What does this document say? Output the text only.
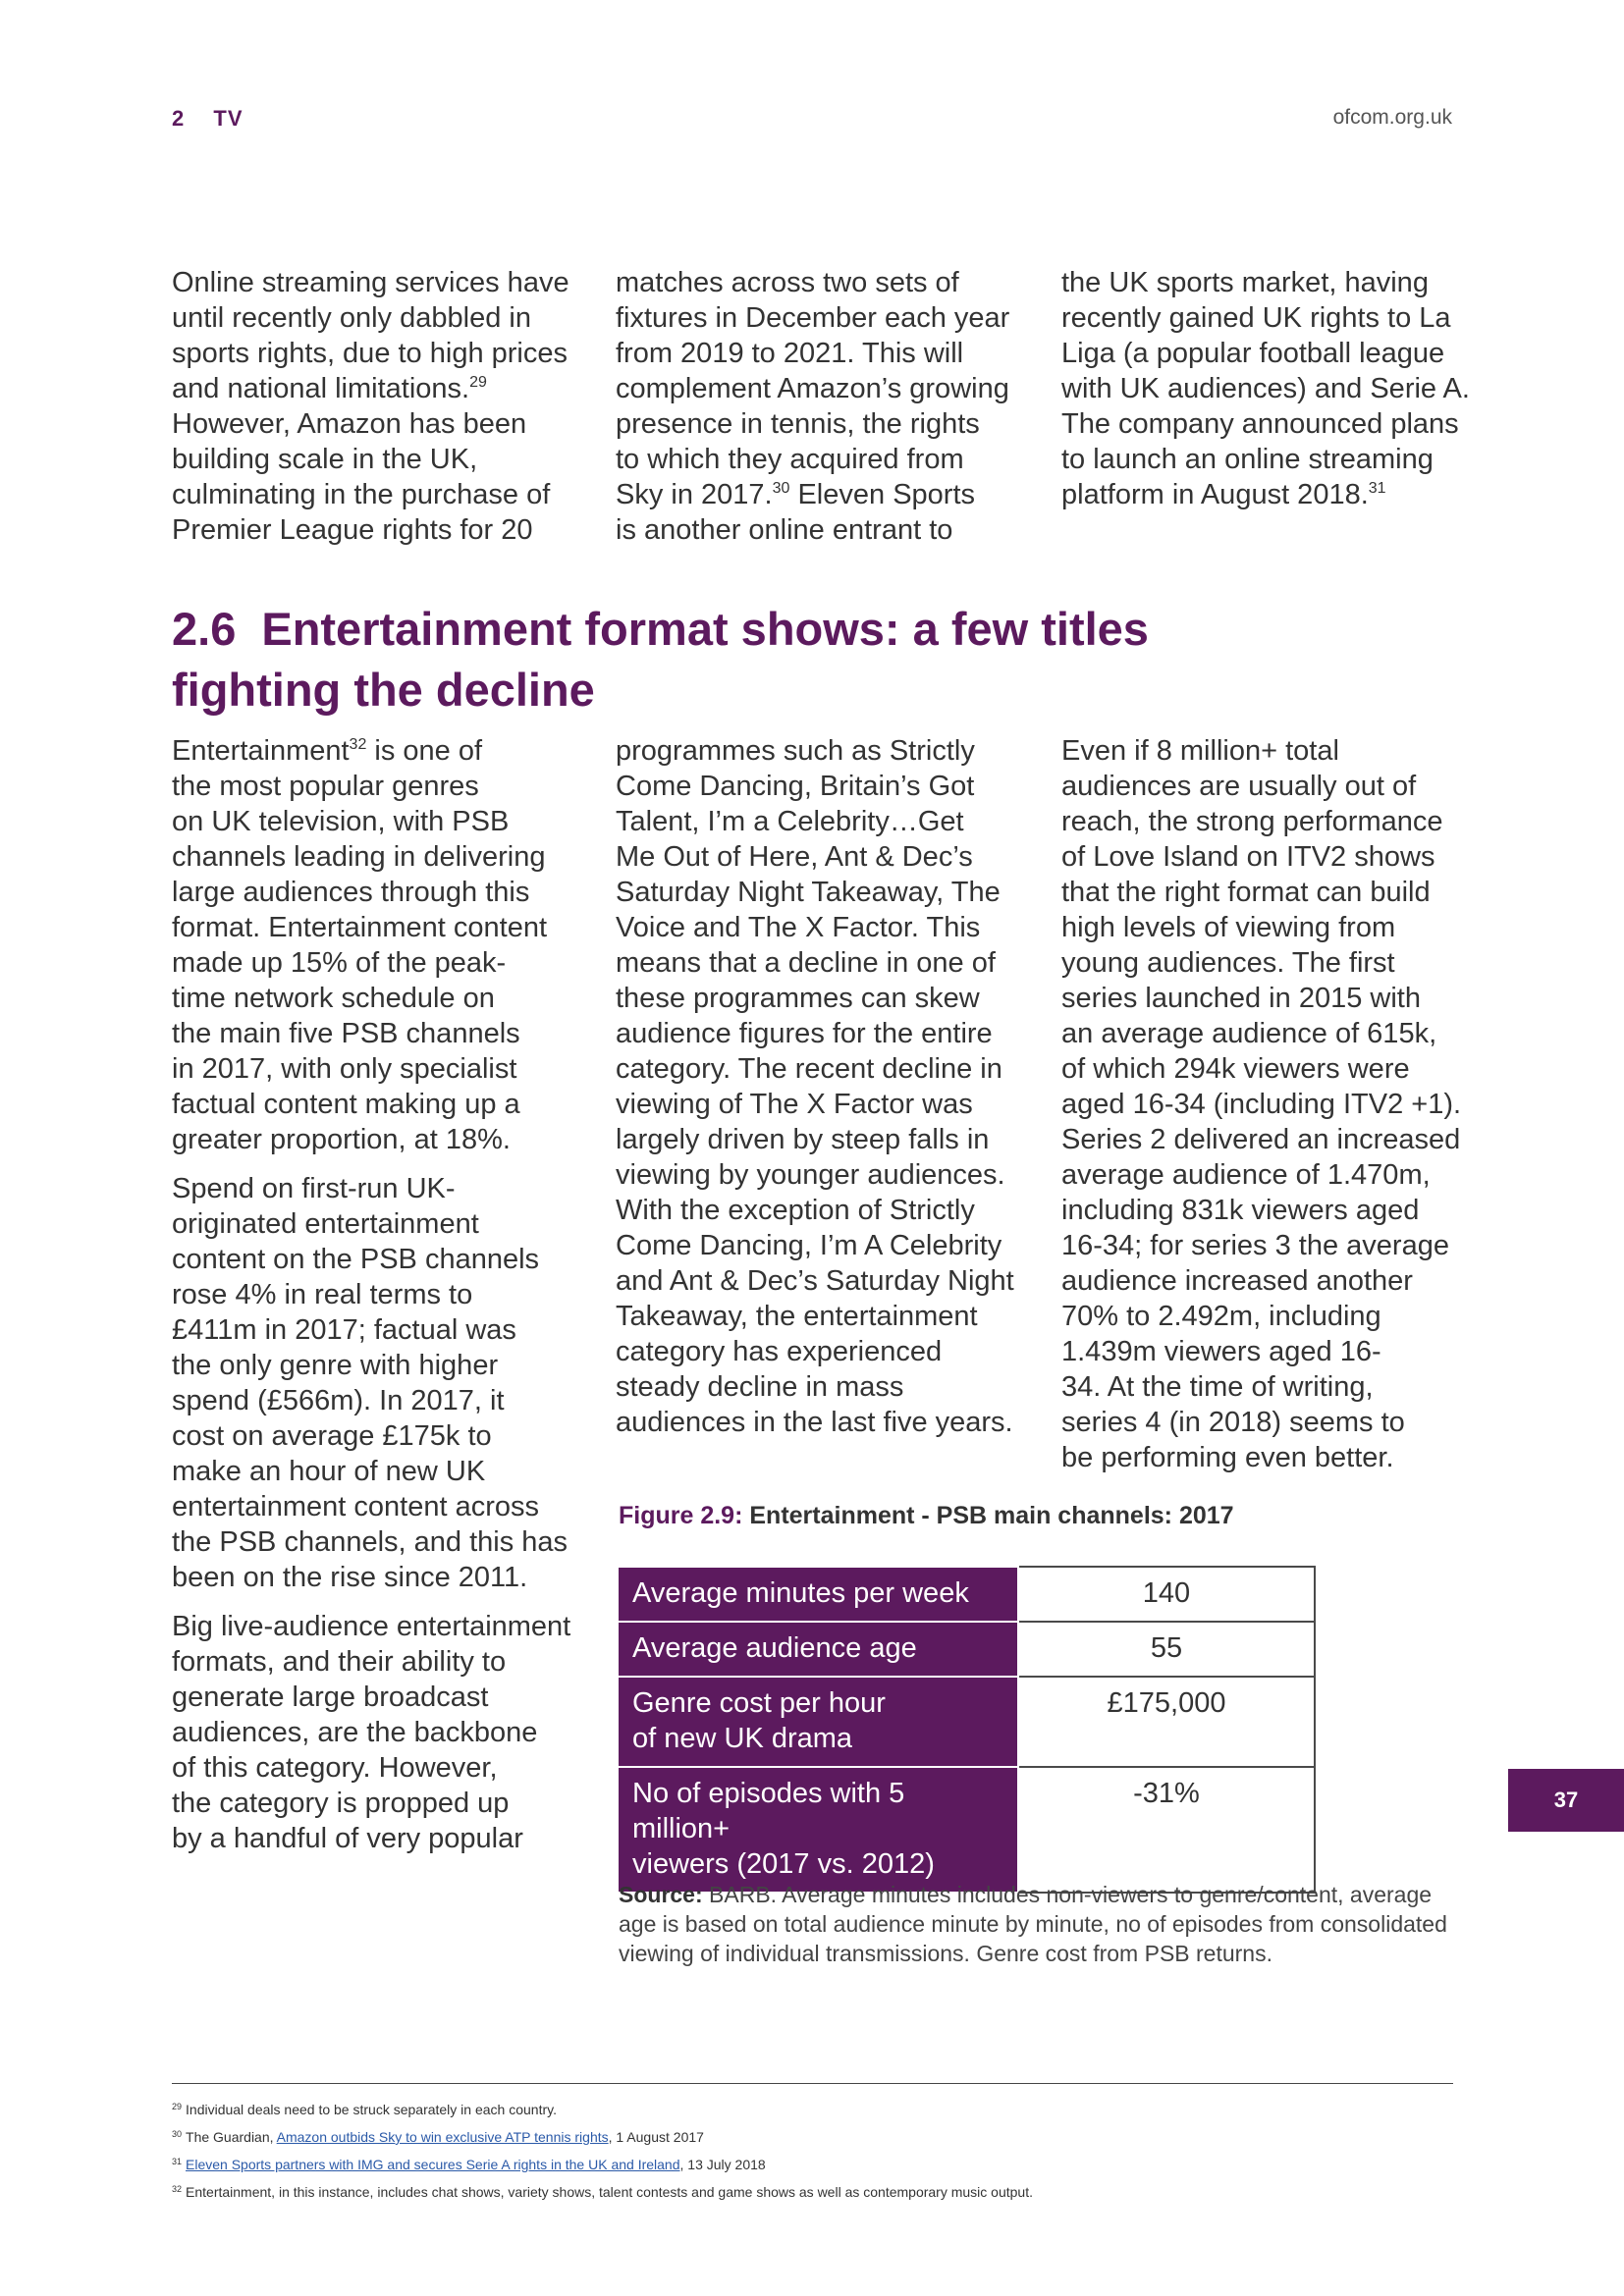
2 TV	ofcom.org.uk

Online streaming services have

until recently only dabbled in

sports rights, due to high prices

and national limitations.$^{29}$

However, Amazon has been

building scale in the UK,

culminating in the purchase of

Premier League rights for 20

matches across two sets of

fixtures in December each year

from 2019 to 2021. This will

complement Amazon’s growing

presence in tennis, the rights

to which they acquired from

Sky in 2017.30 Eleven Sports

is another online entrant to

the UK sports market, having

recently gained UK rights to La

Liga (a popular football league

with UK audiences) and Serie A.

The company announced plans

to launch an online streaming

platform in August 2018.31

2.6 Entertainment format shows: a few titles
fighting the decline

Entertainment$^{32}$ is one of

the most popular genres

on UK television, with PSB

channels leading in delivering

large audiences through this

format. Entertainment content

made up 15% of the peak-

time network schedule on

the main five PSB channels

in 2017, with only specialist

factual content making up a

greater proportion, at 18%.

Spend on first-run UK-

originated entertainment

content on the PSB channels

rose 4% in real terms to

£411m in 2017; factual was

the only genre with higher

spend (£566m). In 2017, it

cost on average £175k to

make an hour of new UK

entertainment content across

the PSB channels, and this has

been on the rise since 2011.

Big live-audience entertainment

formats, and their ability to

generate large broadcast

audiences, are the backbone

of this category. However,

the category is propped up

by a handful of very popular

programmes such as Strictly

Come Dancing, Britain’s Got

Talent, I’m a Celebrity…Get

Me Out of Here, Ant & Dec’s

Saturday Night Takeaway, The

Voice and The X Factor. This

means that a decline in one of

these programmes can skew

audience figures for the entire

category. The recent decline in

viewing of The X Factor was

largely driven by steep falls in

viewing by younger audiences.

With the exception of Strictly

Come Dancing, I’m A Celebrity

and Ant & Dec’s Saturday Night

Takeaway, the entertainment

category has experienced

steady decline in mass

audiences in the last five years.

Even if 8 million+ total

audiences are usually out of

reach, the strong performance

of Love Island on ITV2 shows

that the right format can build

high levels of viewing from

young audiences. The first

series launched in 2015 with

an average audience of 615k,

of which 294k viewers were

aged 16-34 (including ITV2 +1).

Series 2 delivered an increased

average audience of 1.470m,

including 831k viewers aged

16-34; for series 3 the average

audience increased another

70% to 2.492m, including

1.439m viewers aged 16-

34. At the time of writing,

series 4 (in 2018) seems to

be performing even better.

Figure 2.9: Entertainment - PSB main channels: 2017
Average minutes per week	140

Average audience age	55

Genre cost per hour
of new UK drama	£175,000

No of episodes with 5 million+
viewers (2017 vs. 2012)	-31%
Source: BARB. Average minutes includes non-viewers to genre/content, average age is based on total audience minute by minute, no of episodes from consolidated viewing of individual transmissions. Genre cost from PSB returns.
37
$^{29}$ Individual deals need to be struck separately in each country.
$^{30}$ The Guardian, Amazon outbids Sky to win exclusive ATP tennis rights, 1 August 2017
$^{31}$ Eleven Sports partners with IMG and secures Serie A rights in the UK and Ireland, 13 July 2018
$^{32}$ Entertainment, in this instance, includes chat shows, variety shows, talent contests and game shows as well as contemporary music output.
